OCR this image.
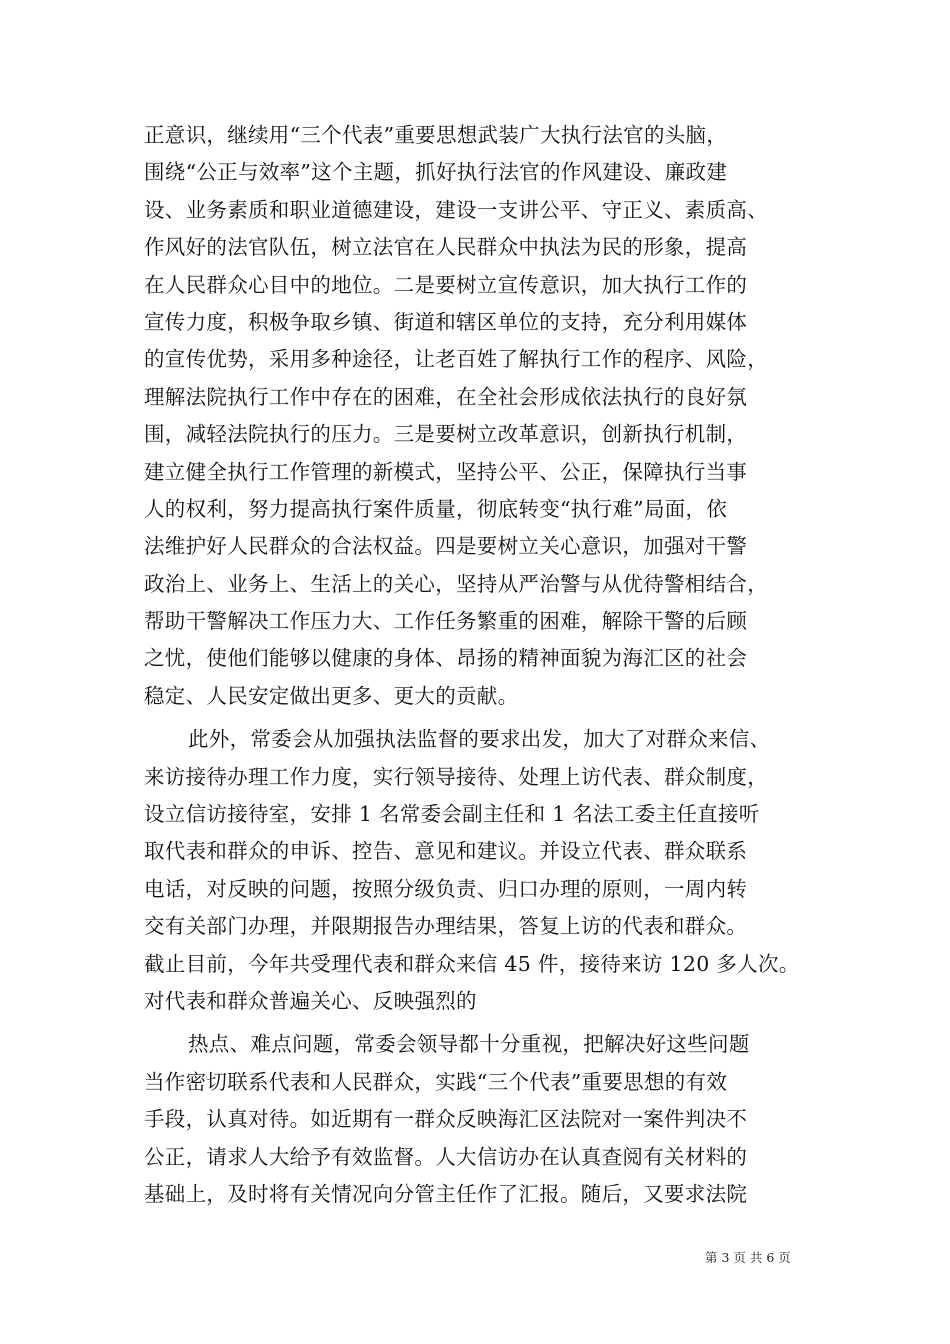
正意识，继续用“三个代表”重要思想武装广大执行法官的头脑，
围绕“公正与效率”这个主题，抓好执行法官的作风建设、廉政建
设、业务素质和职业道德建设，建设一支讲公平、守正义、素质高、
作风好的法官队伍，树立法官在人民群众中执法为民的形象，提高
在人民群众心目中的地位。二是要树立宣传意识，加大执行工作的
宣传力度，积极争取乡镇、街道和辖区单位的支持，充分利用媒体
的宣传优势，采用多种途径，让老百姓了解执行工作的程序、风险，
理解法院执行工作中存在的困难，在全社会形成依法执行的良好氛
围，减轻法院执行的压力。三是要树立改革意识，创新执行机制，
建立健全执行工作管理的新模式，坚持公平、公正，保障执行当事
人的权利，努力提高执行案件质量，彻底转变“执行难”局面，依
法维护好人民群众的合法权益。四是要树立关心意识，加强对干警
政治上、业务上、生活上的关心，坚持从严治警与从优待警相结合，
帮助干警解决工作压力大、工作任务繁重的困难，解除干警的后顾
之忧，使他们能够以健康的身体、昂扬的精神面貌为海汇区的社会
稳定、人民安定做出更多、更大的贡献。
此外，常委会从加强执法监督的要求出发，加大了对群众来信、
来访接待办理工作力度，实行领导接待、处理上访代表、群众制度，
设立信访接待室，安排 1 名常委会副主任和 1 名法工委主任直接听
取代表和群众的申诉、控告、意见和建议。并设立代表、群众联系
电话，对反映的问题，按照分级负责、归口办理的原则，一周内转
交有关部门办理，并限期报告办理结果，答复上访的代表和群众。
截止目前，今年共受理代表和群众来信 45 件，接待来访 120 多人次。
对代表和群众普遍关心、反映强烈的
热点、难点问题，常委会领导都十分重视，把解决好这些问题
当作密切联系代表和人民群众，实践“三个代表”重要思想的有效
手段，认真对待。如近期有一群众反映海汇区法院对一案件判决不
公正，请求人大给予有效监督。人大信访办在认真查阅有关材料的
基础上，及时将有关情况向分管主任作了汇报。随后，又要求法院
第 3 页 共 6 页
